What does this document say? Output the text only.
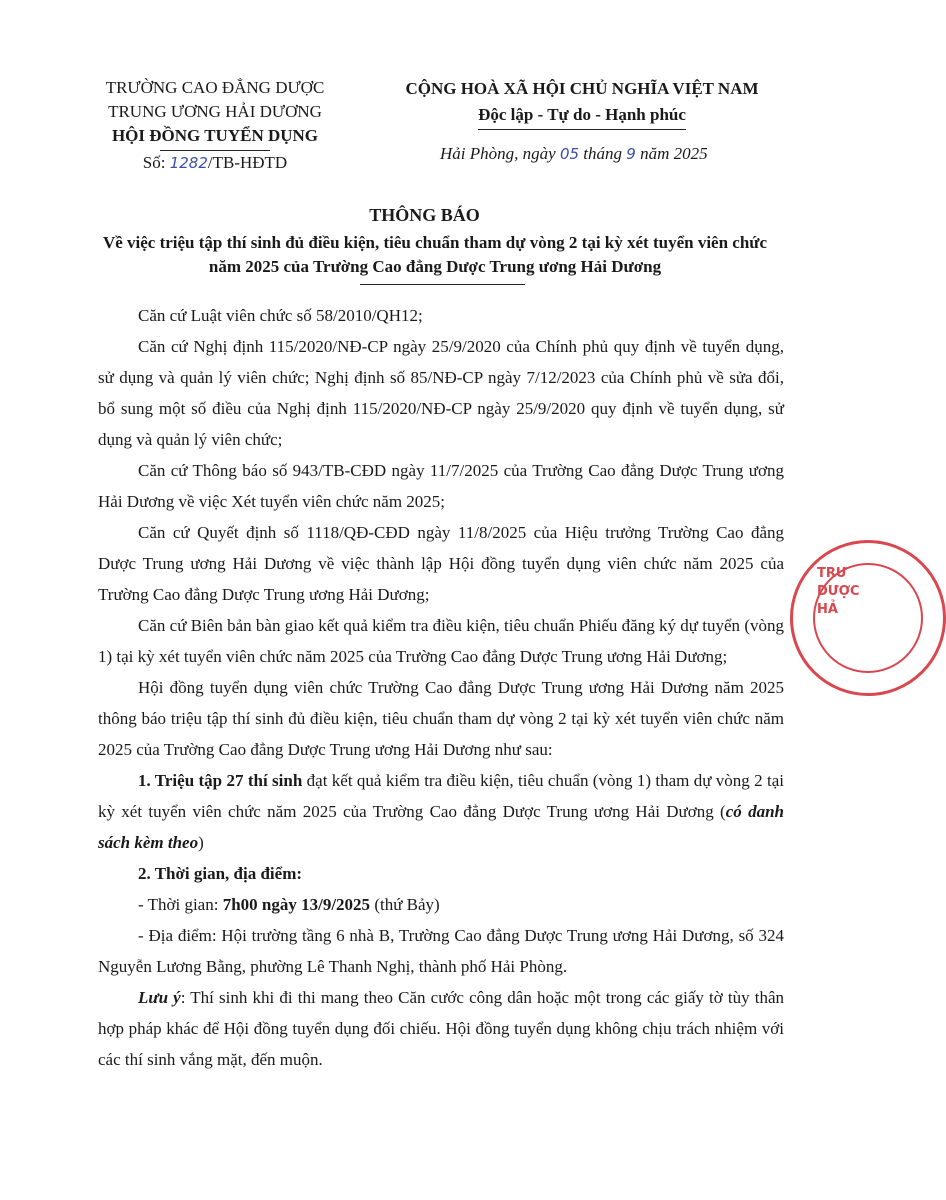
TRƯỜNG CAO ĐẲNG DƯỢC
TRUNG ƯƠNG HẢI DƯƠNG
HỘI ĐỒNG TUYỂN DỤNG
Số: 1282/TB-HĐTD
CỘNG HOÀ XÃ HỘI CHỦ NGHĨA VIỆT NAM
Độc lập - Tự do - Hạnh phúc
Hải Phòng, ngày 05 tháng 9 năm 2025
THÔNG BÁO
Về việc triệu tập thí sinh đủ điều kiện, tiêu chuẩn tham dự vòng 2 tại kỳ xét tuyển viên chức năm 2025 của Trường Cao đẳng Dược Trung ương Hải Dương

Căn cứ Luật viên chức số 58/2010/QH12;

Căn cứ Nghị định 115/2020/NĐ-CP ngày 25/9/2020 của Chính phủ quy định về tuyển dụng, sử dụng và quản lý viên chức; Nghị định số 85/NĐ-CP ngày 7/12/2023 của Chính phủ về sửa đổi, bổ sung một số điều của Nghị định 115/2020/NĐ-CP ngày 25/9/2020 quy định về tuyển dụng, sử dụng và quản lý viên chức;

Căn cứ Thông báo số 943/TB-CĐD ngày 11/7/2025 của Trường Cao đẳng Dược Trung ương Hải Dương về việc Xét tuyển viên chức năm 2025;

Căn cứ Quyết định số 1118/QĐ-CĐD ngày 11/8/2025 của Hiệu trưởng Trường Cao đẳng Dược Trung ương Hải Dương về việc thành lập Hội đồng tuyển dụng viên chức năm 2025 của Trường Cao đẳng Dược Trung ương Hải Dương;

Căn cứ Biên bản bàn giao kết quả kiểm tra điều kiện, tiêu chuẩn Phiếu đăng ký dự tuyển (vòng 1) tại kỳ xét tuyển viên chức năm 2025 của Trường Cao đẳng Dược Trung ương Hải Dương;

Hội đồng tuyển dụng viên chức Trường Cao đẳng Dược Trung ương Hải Dương năm 2025 thông báo triệu tập thí sinh đủ điều kiện, tiêu chuẩn tham dự vòng 2 tại kỳ xét tuyển viên chức năm 2025 của Trường Cao đẳng Dược Trung ương Hải Dương như sau:

1. Triệu tập 27 thí sinh đạt kết quả kiểm tra điều kiện, tiêu chuẩn (vòng 1) tham dự vòng 2 tại kỳ xét tuyển viên chức năm 2025 của Trường Cao đẳng Dược Trung ương Hải Dương (có danh sách kèm theo)

2. Thời gian, địa điểm:

- Thời gian: 7h00 ngày 13/9/2025 (thứ Bảy)

- Địa điểm: Hội trường tầng 6 nhà B, Trường Cao đẳng Dược Trung ương Hải Dương, số 324 Nguyễn Lương Bằng, phường Lê Thanh Nghị, thành phố Hải Phòng.

Lưu ý: Thí sinh khi đi thi mang theo Căn cước công dân hoặc một trong các giấy tờ tùy thân hợp pháp khác để Hội đồng tuyển dụng đối chiếu. Hội đồng tuyển dụng không chịu trách nhiệm với các thí sinh vắng mặt, đến muộn.

TRƯ
DƯỢC
HẢ
